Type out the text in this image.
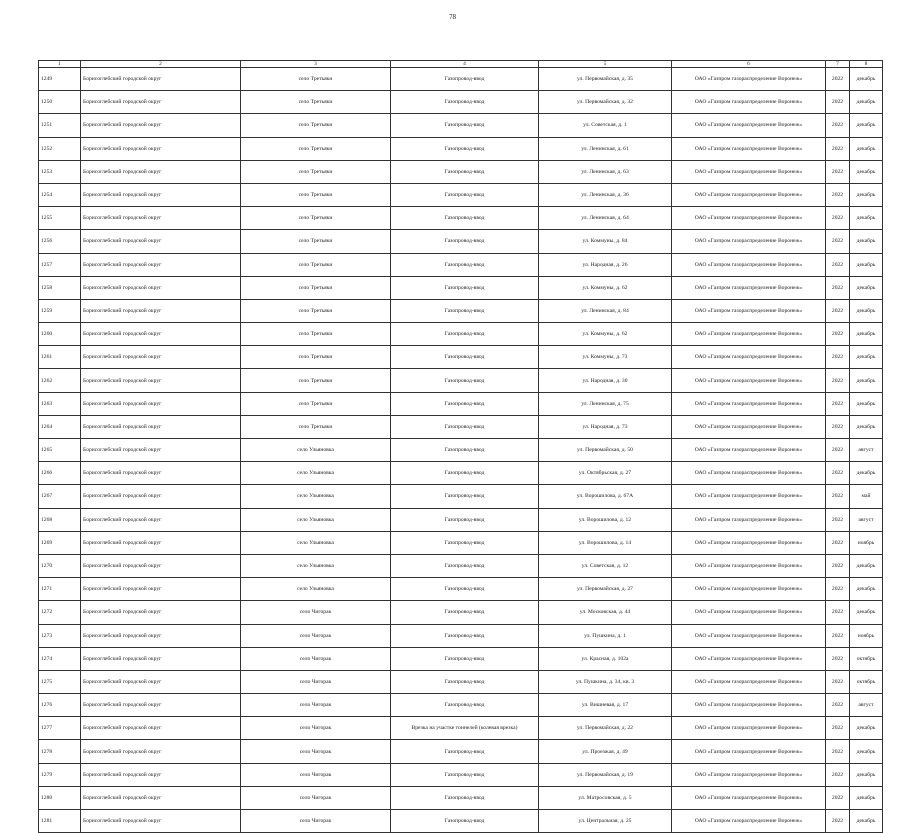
78
1	2	3	4	5	6	7	8
1249	Борисоглебский городской округ	село Третьяки	Газопровод-ввод	ул. Первомайская, д. 35	ОАО «Газпром газораспределение Воронеж»	2022	декабрь
1250	Борисоглебский городской округ	село Третьяки	Газопровод-ввод	ул. Первомайская, д. 32	ОАО «Газпром газораспределение Воронеж»	2022	декабрь
1251	Борисоглебский городской округ	село Третьяки	Газопровод-ввод	ул. Советская, д. 1	ОАО «Газпром газораспределение Воронеж»	2022	декабрь
1252	Борисоглебский городской округ	село Третьяки	Газопровод-ввод	ул. Ленинская, д. 61	ОАО «Газпром газораспределение Воронеж»	2022	декабрь
1253	Борисоглебский городской округ	село Третьяки	Газопровод-ввод	ул. Ленинская, д. 63	ОАО «Газпром газораспределение Воронеж»	2022	декабрь
1254	Борисоглебский городской округ	село Третьяки	Газопровод-ввод	ул. Ленинская, д. 36	ОАО «Газпром газораспределение Воронеж»	2022	декабрь
1255	Борисоглебский городской округ	село Третьяки	Газопровод-ввод	ул. Ленинская, д. 64	ОАО «Газпром газораспределение Воронеж»	2022	декабрь
1256	Борисоглебский городской округ	село Третьяки	Газопровод-ввод	ул. Коммуны, д. 84	ОАО «Газпром газораспределение Воронеж»	2022	декабрь
1257	Борисоглебский городской округ	село Третьяки	Газопровод-ввод	ул. Народная, д. 26	ОАО «Газпром газораспределение Воронеж»	2022	декабрь
1258	Борисоглебский городской округ	село Третьяки	Газопровод-ввод	ул. Коммуны, д. 62	ОАО «Газпром газораспределение Воронеж»	2022	декабрь
1259	Борисоглебский городской округ	село Третьяки	Газопровод-ввод	ул. Ленинская, д. 84	ОАО «Газпром газораспределение Воронеж»	2022	декабрь
1260	Борисоглебский городской округ	село Третьяки	Газопровод-ввод	ул. Коммуны, д. 62	ОАО «Газпром газораспределение Воронеж»	2022	декабрь
1261	Борисоглебский городской округ	село Третьяки	Газопровод-ввод	ул. Коммуны, д. 73	ОАО «Газпром газораспределение Воронеж»	2022	декабрь
1262	Борисоглебский городской округ	село Третьяки	Газопровод-ввод	ул. Народная, д. 30	ОАО «Газпром газораспределение Воронеж»	2022	декабрь
1263	Борисоглебский городской округ	село Третьяки	Газопровод-ввод	ул. Ленинская, д. 75	ОАО «Газпром газораспределение Воронеж»	2022	декабрь
1264	Борисоглебский городской округ	село Третьяки	Газопровод-ввод	ул. Народная, д. 73	ОАО «Газпром газораспределение Воронеж»	2022	декабрь
1265	Борисоглебский городской округ	село Ульяновка	Газопровод-ввод	ул. Первомайская, д. 50	ОАО «Газпром газораспределение Воронеж»	2022	август
1266	Борисоглебский городской округ	село Ульяновка	Газопровод-ввод	ул. Октябрьская, д. 27	ОАО «Газпром газораспределение Воронеж»	2022	декабрь
1267	Борисоглебский городской округ	село Ульяновка	Газопровод-ввод	ул. Ворошилова, д. 67А	ОАО «Газпром газораспределение Воронеж»	2022	май
1268	Борисоглебский городской округ	село Ульяновка	Газопровод-ввод	ул. Ворошилова, д. 12	ОАО «Газпром газораспределение Воронеж»	2022	август
1269	Борисоглебский городской округ	село Ульяновка	Газопровод-ввод	ул. Ворошилова, д. 14	ОАО «Газпром газораспределение Воронеж»	2022	ноябрь
1270	Борисоглебский городской округ	село Ульяновка	Газопровод-ввод	ул. Советская, д. 12	ОАО «Газпром газораспределение Воронеж»	2022	декабрь
1271	Борисоглебский городской округ	село Ульяновка	Газопровод-ввод	ул. Первомайская, д. 27	ОАО «Газпром газораспределение Воронеж»	2022	декабрь
1272	Борисоглебский городской округ	село Чигорак	Газопровод-ввод	ул. Московская, д. 44	ОАО «Газпром газораспределение Воронеж»	2022	декабрь
1273	Борисоглебский городской округ	село Чигорак	Газопровод-ввод	ул. Пушкина, д. 1	ОАО «Газпром газораспределение Воронеж»	2022	ноябрь
1274	Борисоглебский городской округ	село Чигорак	Газопровод-ввод	ул. Красная, д. 102а	ОАО «Газпром газораспределение Воронеж»	2022	октябрь
1275	Борисоглебский городской округ	село Чигорак	Газопровод-ввод	ул. Пушкина, д. 34, кв. 3	ОАО «Газпром газораспределение Воронеж»	2022	октябрь
1276	Борисоглебский городской округ	село Чигорак	Газопровод-ввод	ул. Вишневая, д. 17	ОАО «Газпром газораспределение Воронеж»	2022	август
1277	Борисоглебский городской округ	село Чигорак	Врезка на участке тоннелей (колевая врезка)	ул. Первомайская, д. 22	ОАО «Газпром газораспределение Воронеж»	2022	декабрь
1278	Борисоглебский городской округ	село Чигорак	Газопровод-ввод	ул. Проезжая, д. 49	ОАО «Газпром газораспределение Воронеж»	2022	декабрь
1279	Борисоглебский городской округ	село Чигорак	Газопровод-ввод	ул. Первомайская, д. 19	ОАО «Газпром газораспределение Воронеж»	2022	декабрь
1280	Борисоглебский городской округ	село Чигорак	Газопровод-ввод	ул. Матросовская, д. 5	ОАО «Газпром газораспределение Воронеж»	2022	декабрь
1281	Борисоглебский городской округ	село Чигорак	Газопровод-ввод	ул. Центральная, д. 25	ОАО «Газпром газораспределение Воронеж»	2022	декабрь
